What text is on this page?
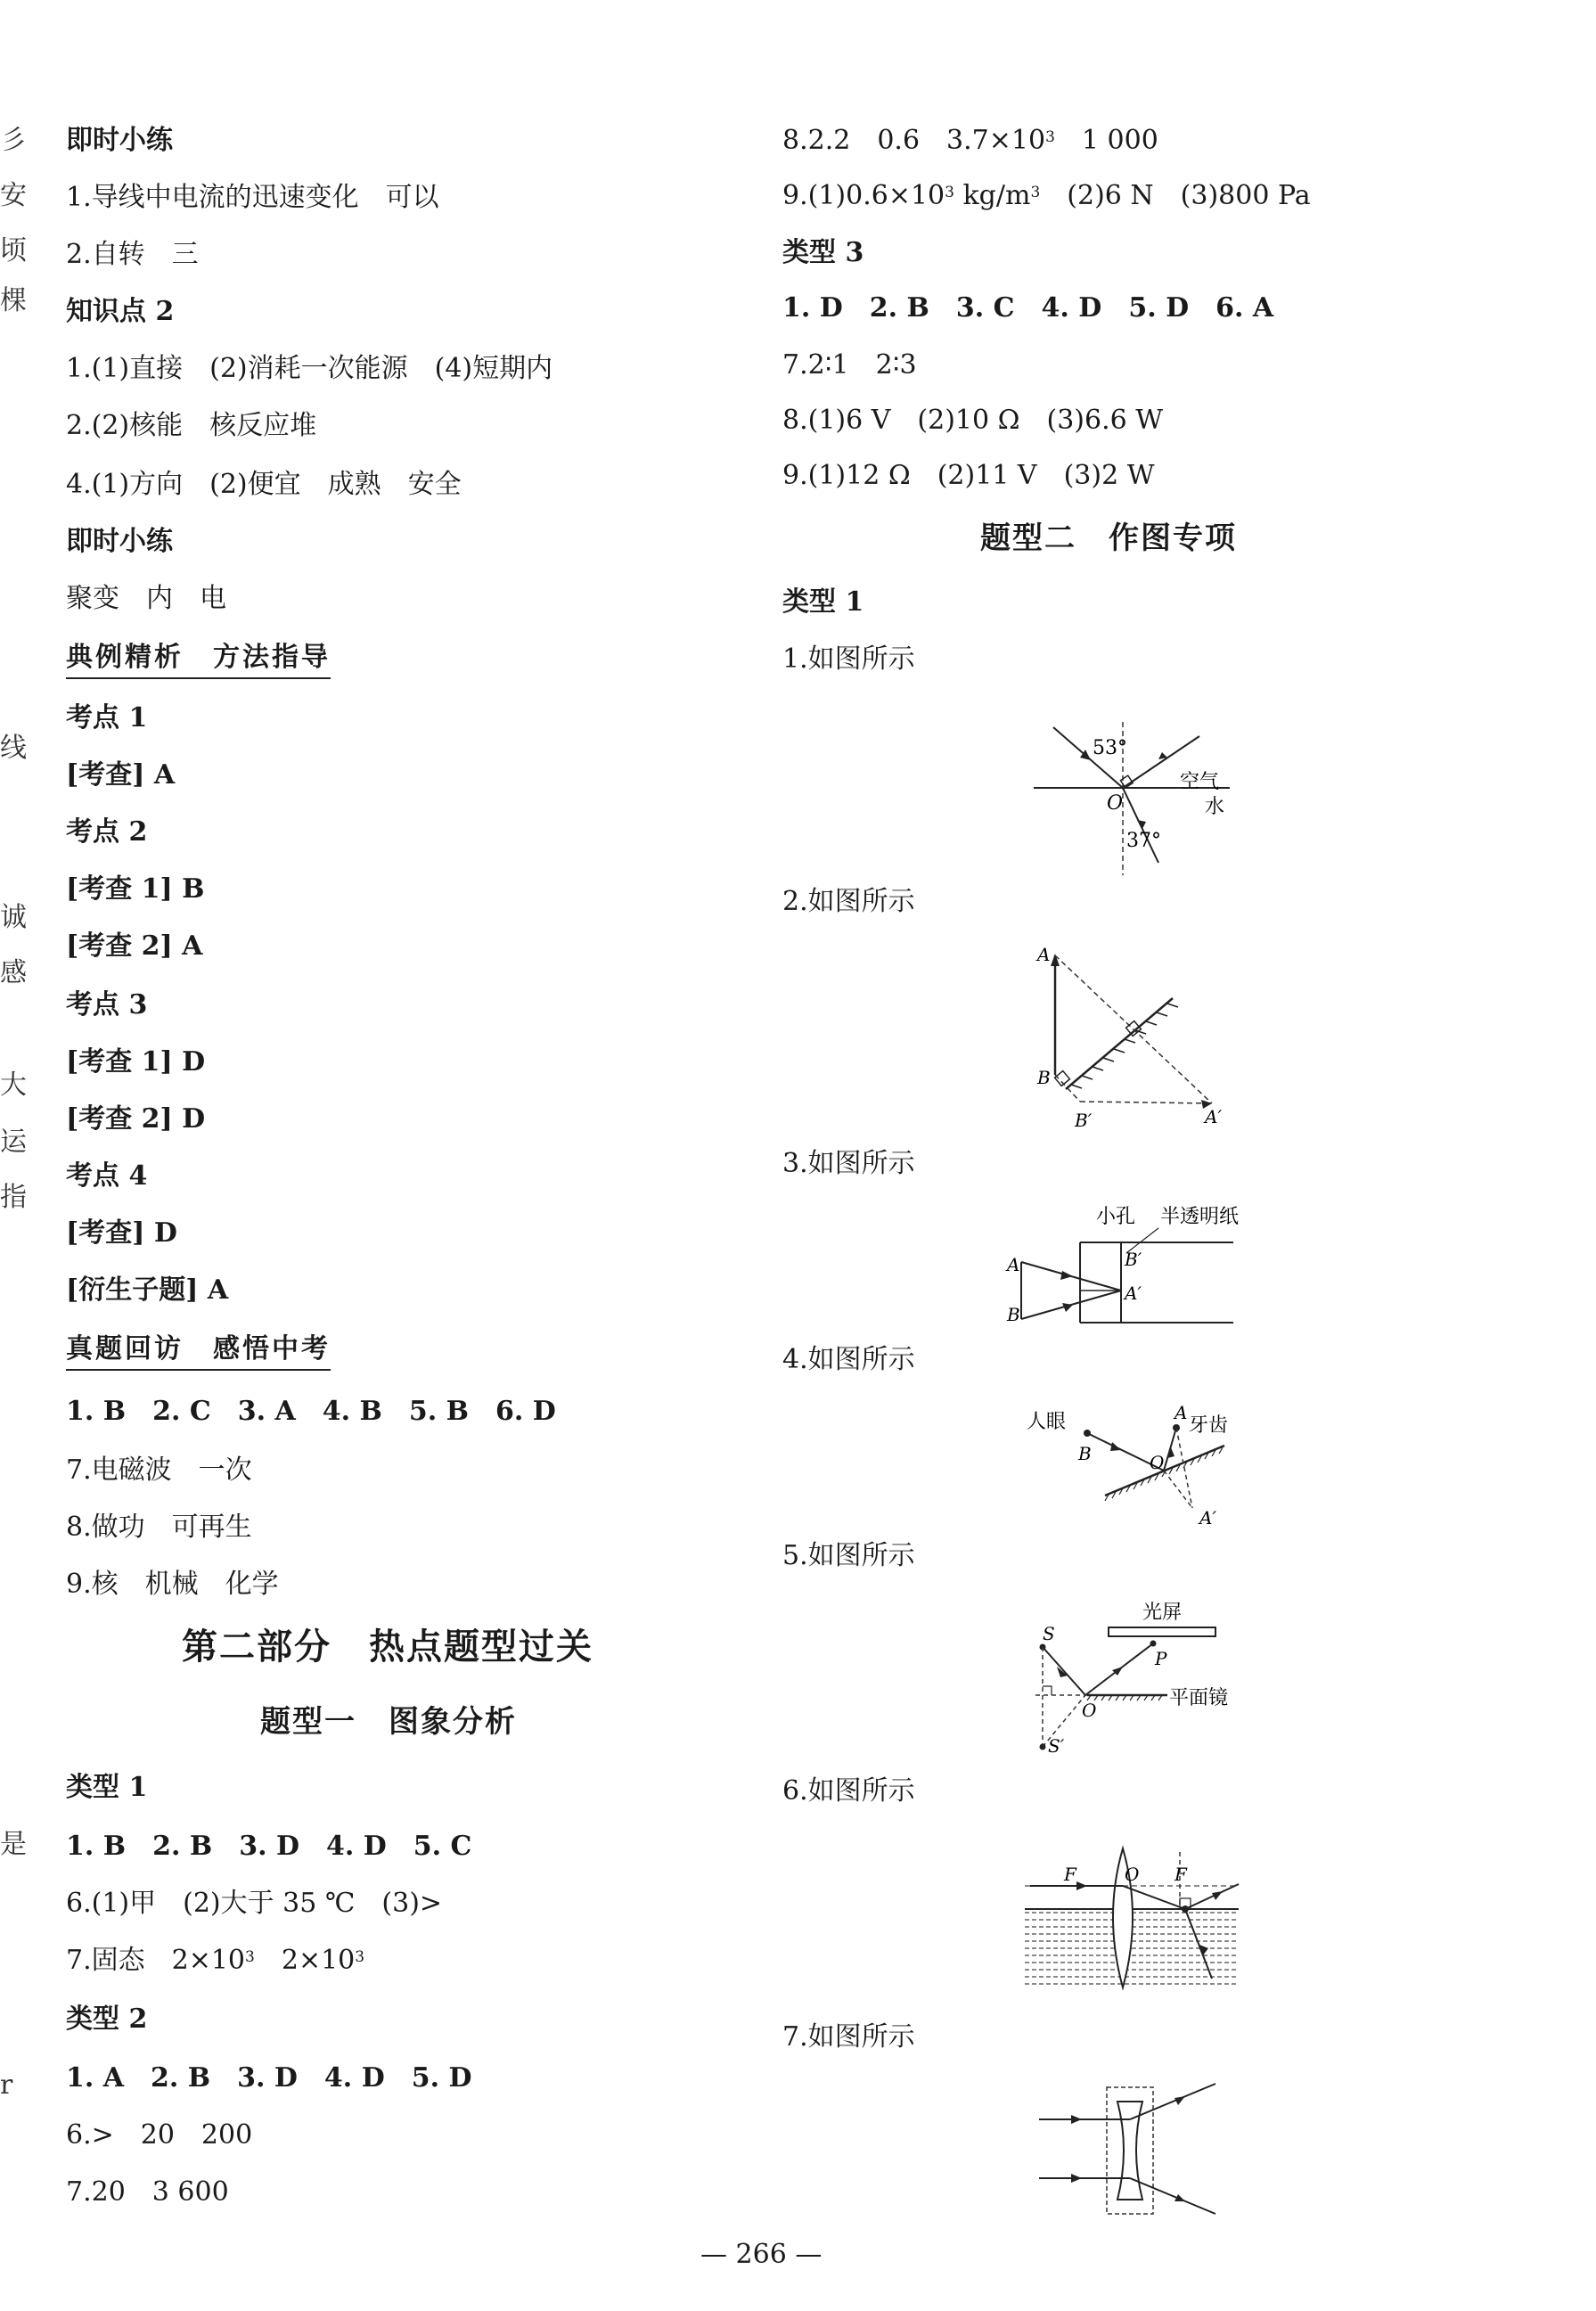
彡
安
顷
棵
线
诚
感
大
运
指
是
r
即时小练
1.导线中电流的迅速变化　可以
2.自转　三
知识点 2
1.(1)直接　(2)消耗一次能源　(4)短期内
2.(2)核能　核反应堆
4.(1)方向　(2)便宜　成熟　安全
即时小练
聚变　内　电
典例精析　方法指导
考点 1
[考查] A
考点 2
[考查 1] B
[考查 2] A
考点 3
[考查 1] D
[考查 2] D
考点 4
[考查] D
[衍生子题] A
真题回访　感悟中考
1. B　2. C　3. A　4. B　5. B　6. D
7.电磁波　一次
8.做功　可再生
9.核　机械　化学
第二部分　热点题型过关
题型一　图象分析
类型 1
1. B　2. B　3. D　4. D　5. C
6.(1)甲　(2)大于 35 ℃　(3)>
7.固态　$2\times 10^3$　$2\times 10^3$
类型 2
1. A　2. B　3. D　4. D　5. D
6.>　20　200
7.20　3 600
8.2.2　0.6　$3.7\times 10^3$　1 000
$9.(1)0.6\times 10^3$ $kg/m^3$　(2)6 N　(3)800 Pa
类型 3
1. D　2. B　3. C　4. D　5. D　6. A
7.2∶1　2∶3
8.(1)6 V　(2)10 Ω　(3)6.6 W
9.(1)12 Ω　(2)11 V　(3)2 W
题型二　作图专项
类型 1
1.如图所示
2.如图所示
3.如图所示
4.如图所示
5.如图所示
6.如图所示
7.如图所示
53°
O
空气
水
37°
A
B
B′	A′
小孔 半透明纸
A
B
B′
A′
人眼	牙齿
A
B	O
A′
光屏
平面镜
S
P
O
S′
F	O F
— 266 —
